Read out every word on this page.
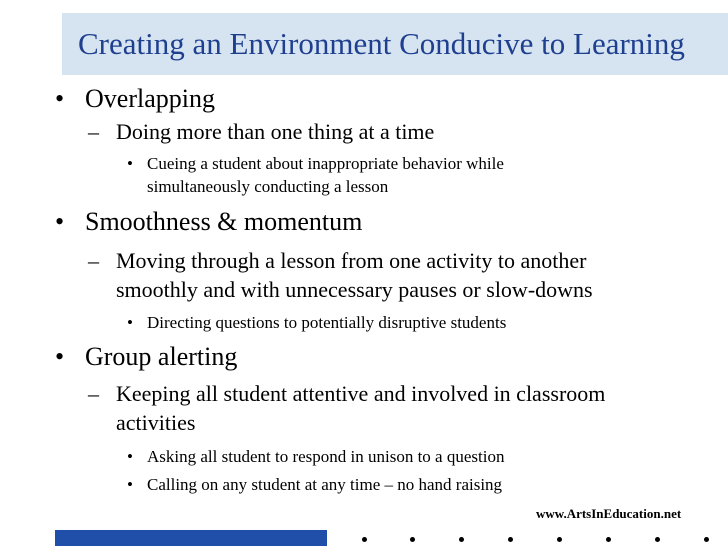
Creating an Environment Conducive to Learning
• Overlapping
– Doing more than one thing at a time
• Cueing a student about inappropriate behavior while
simultaneously conducting a lesson
• Smoothness & momentum
– Moving through a lesson from one activity to another
smoothly and with unnecessary pauses or slow-downs
• Directing questions to potentially disruptive students
• Group alerting
– Keeping all student attentive and involved in classroom
activities
• Asking all student to respond in unison to a question
• Calling on any student at any time – no hand raising
www.ArtsInEducation.net
